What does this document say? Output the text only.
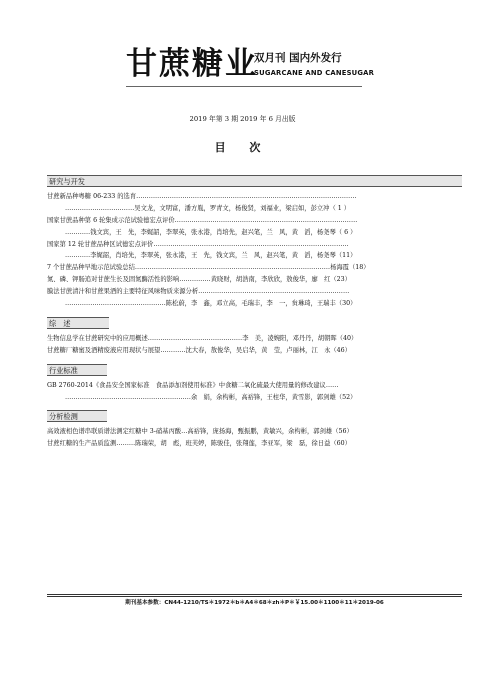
甘蔗糖业
双月刊 国内外发行
SUGARCANE AND CANESUGAR
2019 年第 3 期 2019 年 6 月出版
目 次
研究与开发
甘蔗新品种粤糖 06-233 的选育……………………………………………………………………………………………
……………………………吴文龙，文明富，潘方胤，罗青文，杨俊贤，刘福业，梁启如，彭立冲（ 1 ）
国家甘蔗品种第 6 轮集成示范试验德宏点评价……………………………………………………………………………
…………钱文宾，王　先，李娓韶，李翠英，张永港，肖培先，赵兴笔，兰　风，黄　滔，杨尧琴（ 6 ）
国家第 12 轮甘蔗品种区试德宏点评价…………………………………………………………………………………
…………李娓韶，肖培先，李翠英，张永港，王　先，钱文宾，兰　风，赵兴笔，黄　滔，杨尧琴（11）
7 个甘蔗品种早地示范试验总结…………………………………………………………………………………杨海霞（18）
氮、磷、钾肠追对甘蔗生长及固氮酶活性的影响……………黄晓财，胡浩南，李欣欣，敖俊华，廖　红（23）
膜法甘蔗清汁和甘蔗果酒的主要特征风味物质来源分析………………………………………………………………
…………………………………………陈松蔚，李　鑫，邓立高，毛瑞丰，李　一，贠琳琦，王瑞丰（30）
综　述
生物信息学在甘蔗研究中的应用概述………………………………………李　美，凌婉阳，邓丹丹，胡朝晖（40）
甘蔗糖厂糖蜜及酒精废液应用现状与展望…………沈大春，敖俊华，吴启华，黄　莹，卢丽林，江　永（46）
行业标准
GB 2760-2014《食品安全国家标准　食品添加剂使用标准》中食糖二氧化硫最大使用量的修改建议……
……………………………………………………余　娟，余构彬，高裕锋，王柱华，黄雪影，郭剑雄（52）
分析检测
高效液相色谱串联质谱法测定红糖中 3-硝基丙酸…高裕锋，庞扬海，甄振鹏，黄敏兴，余构彬，郭剑雄（56）
甘蔗红糖的生产品质监测………陈瑞荣，胡　彪，班芙婷，陈骏佳，张翔莲，李亚军，梁　磊，徐日益（60）
期刊基本参数：CN44-1210/TS＊1972＊b＊A4＊68＊zh＊P＊￥15.00＊1100＊11＊2019-06
